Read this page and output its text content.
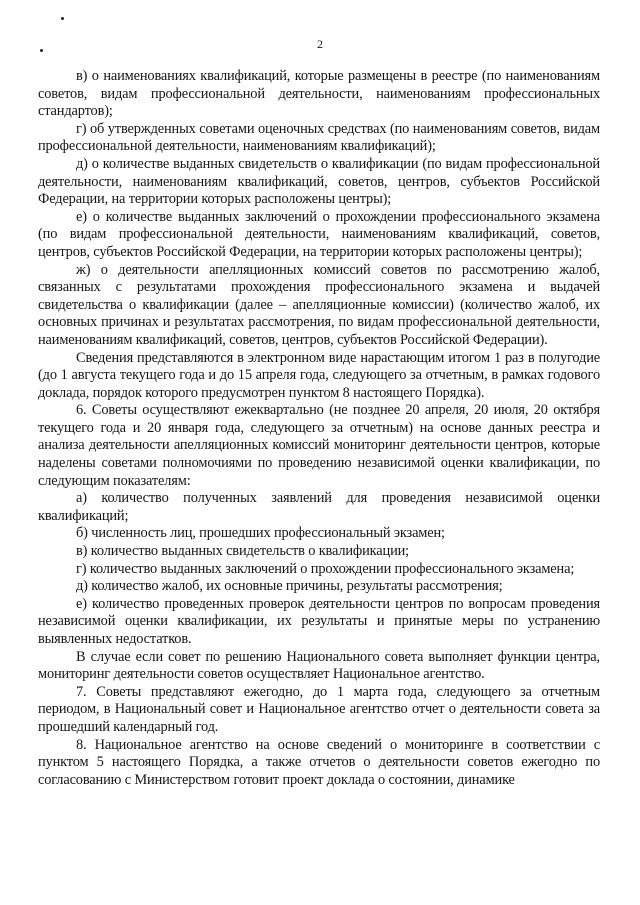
2

в) о наименованиях квалификаций, которые размещены в реестре (по наименованиям советов, видам профессиональной деятельности, наименованиям профессиональных стандартов);

г) об утвержденных советами оценочных средствах (по наименованиям советов, видам профессиональной деятельности, наименованиям квалификаций);

д) о количестве выданных свидетельств о квалификации (по видам профессиональной деятельности, наименованиям квалификаций, советов, центров, субъектов Российской Федерации, на территории которых расположены центры);

е) о количестве выданных заключений о прохождении профессионального экзамена (по видам профессиональной деятельности, наименованиям квалификаций, советов, центров, субъектов Российской Федерации, на территории которых расположены центры);

ж) о деятельности апелляционных комиссий советов по рассмотрению жалоб, связанных с результатами прохождения профессионального экзамена и выдачей свидетельства о квалификации (далее – апелляционные комиссии) (количество жалоб, их основных причинах и результатах рассмотрения, по видам профессиональной деятельности, наименованиям квалификаций, советов, центров, субъектов Российской Федерации).

Сведения представляются в электронном виде нарастающим итогом 1 раз в полугодие (до 1 августа текущего года и до 15 апреля года, следующего за отчетным, в рамках годового доклада, порядок которого предусмотрен пунктом 8 настоящего Порядка).

6. Советы осуществляют ежеквартально (не позднее 20 апреля, 20 июля, 20 октября текущего года и 20 января года, следующего за отчетным) на основе данных реестра и анализа деятельности апелляционных комиссий мониторинг деятельности центров, которые наделены советами полномочиями по проведению независимой оценки квалификации, по следующим показателям:

а) количество полученных заявлений для проведения независимой оценки квалификаций;

б) численность лиц, прошедших профессиональный экзамен;

в) количество выданных свидетельств о квалификации;

г) количество выданных заключений о прохождении профессионального экзамена;

д) количество жалоб, их основные причины, результаты рассмотрения;

е) количество проведенных проверок деятельности центров по вопросам проведения независимой оценки квалификации, их результаты и принятые меры по устранению выявленных недостатков.

В случае если совет по решению Национального совета выполняет функции центра, мониторинг деятельности советов осуществляет Национальное агентство.

7. Советы представляют ежегодно, до 1 марта года, следующего за отчетным периодом, в Национальный совет и Национальное агентство отчет о деятельности совета за прошедший календарный год.

8. Национальное агентство на основе сведений о мониторинге в соответствии с пунктом 5 настоящего Порядка, а также отчетов о деятельности советов ежегодно по согласованию с Министерством готовит проект доклада о состоянии, динамике
